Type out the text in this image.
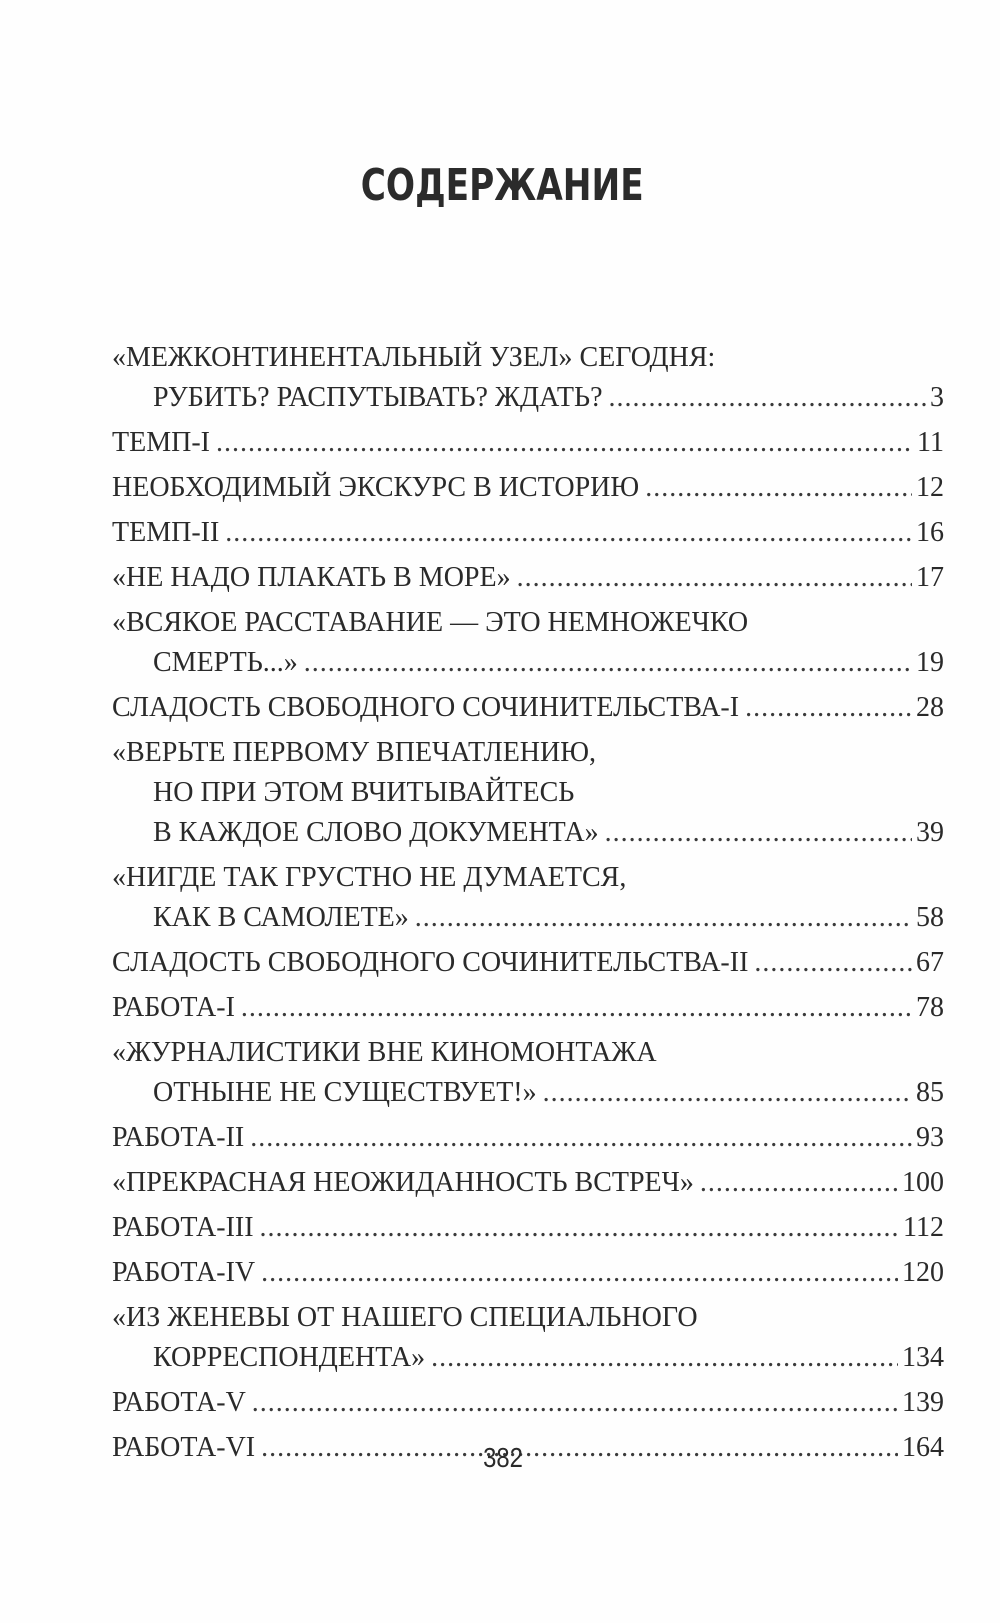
СОДЕРЖАНИЕ
«МЕЖКОНТИНЕНТАЛЬНЫЙ УЗЕЛ» СЕГОДНЯ:
РУБИТЬ? РАСПУТЫВАТЬ? ЖДАТЬ? .....	3
ТЕМП-I .....	11
НЕОБХОДИМЫЙ ЭКСКУРС В ИСТОРИЮ .....	12
ТЕМП-II .....	16
«НЕ НАДО ПЛАКАТЬ В МОРЕ» .....	17
«ВСЯКОЕ РАССТАВАНИЕ — ЭТО НЕМНОЖЕЧКО
СМЕРТЬ...» .....	19
СЛАДОСТЬ СВОБОДНОГО СОЧИНИТЕЛЬСТВА-I .....	28
«ВЕРЬТЕ ПЕРВОМУ ВПЕЧАТЛЕНИЮ,
НО ПРИ ЭТОМ ВЧИТЫВАЙТЕСЬ
В КАЖДОЕ СЛОВО ДОКУМЕНТА» .....	39
«НИГДЕ ТАК ГРУСТНО НЕ ДУМАЕТСЯ,
КАК В САМОЛЕТЕ» .....	58
СЛАДОСТЬ СВОБОДНОГО СОЧИНИТЕЛЬСТВА-II .....	67
РАБОТА-I .....	78
«ЖУРНАЛИСТИКИ ВНЕ КИНОМОНТАЖА
ОТНЫНЕ НЕ СУЩЕСТВУЕТ!» .....	85
РАБОТА-II .....	93
«ПРЕКРАСНАЯ НЕОЖИДАННОСТЬ ВСТРЕЧ» .....	100
РАБОТА-III .....	112
РАБОТА-IV .....	120
«ИЗ ЖЕНЕВЫ ОТ НАШЕГО СПЕЦИАЛЬНОГО
КОРРЕСПОНДЕНТА» .....	134
РАБОТА-V .....	139
РАБОТА-VI .....	164
382
